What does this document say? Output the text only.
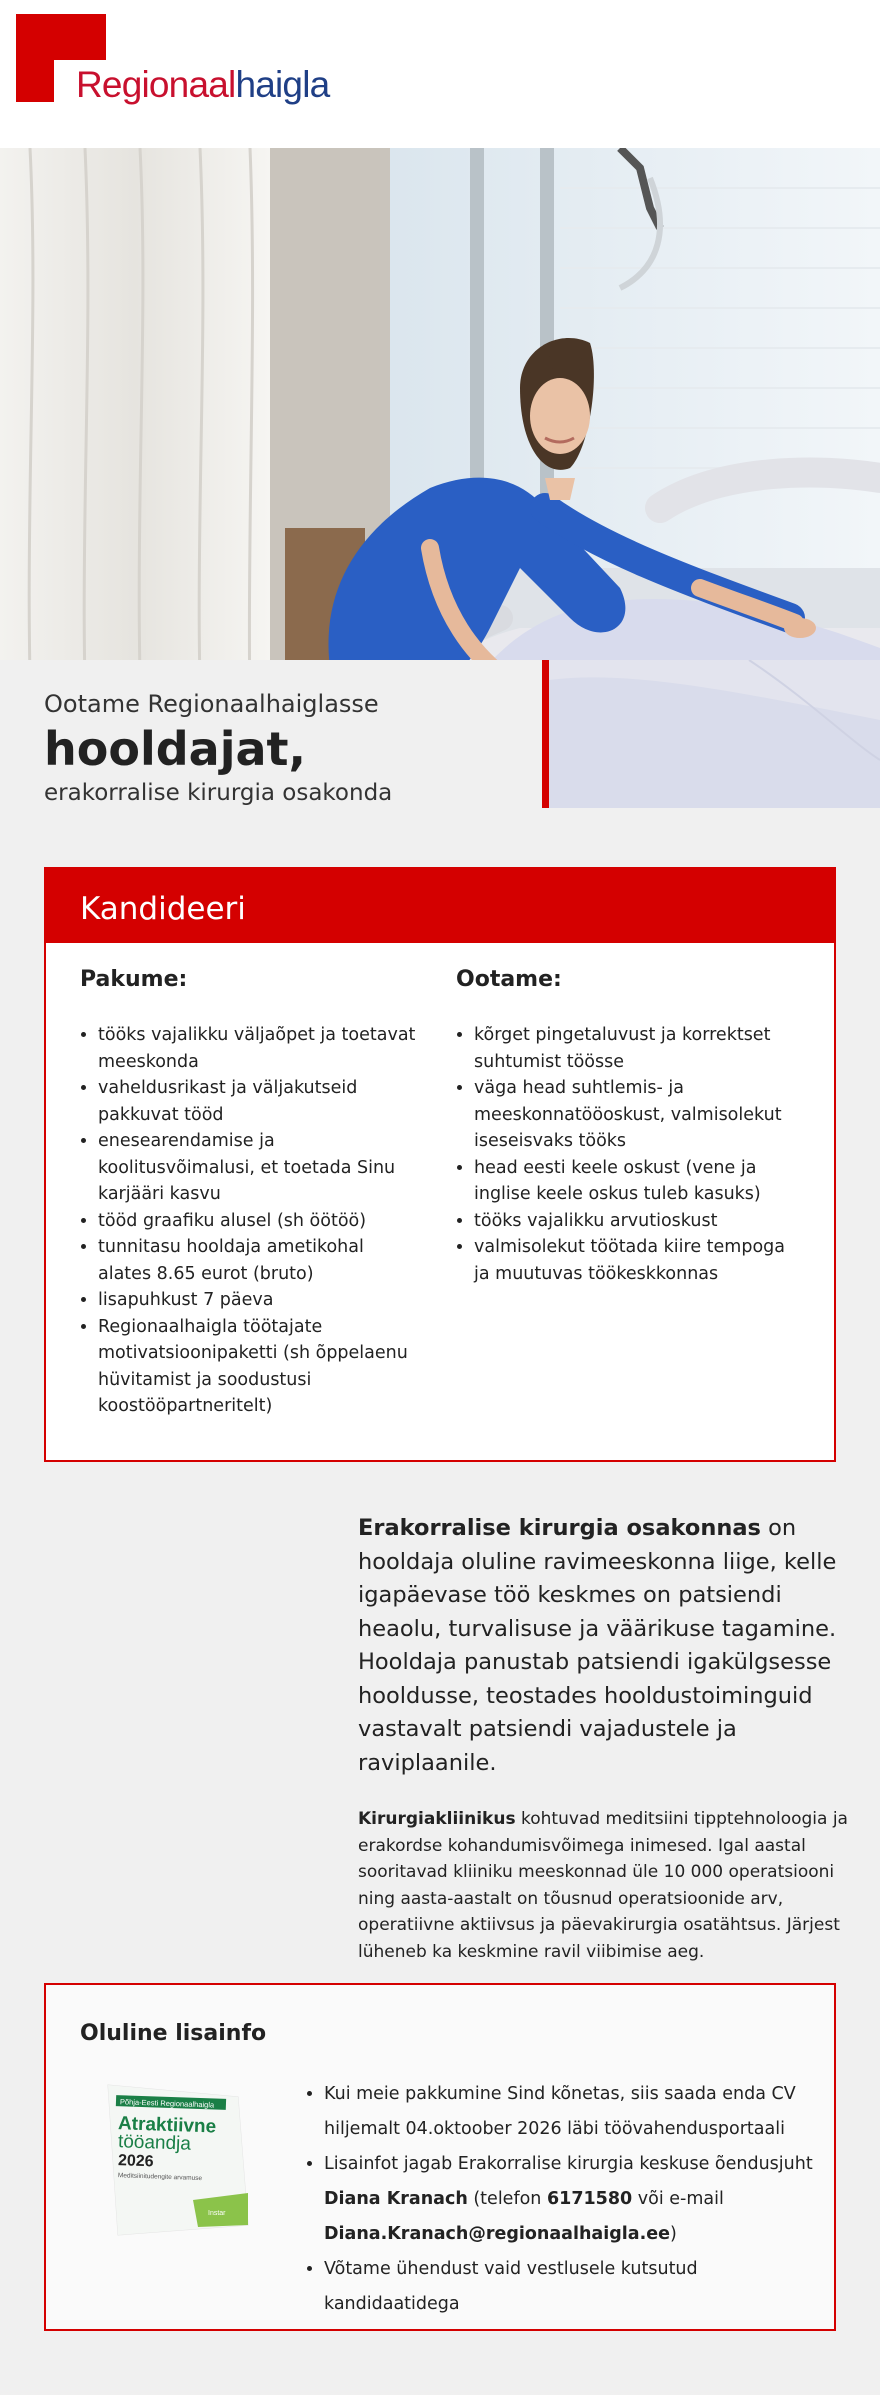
Regionaalhaigla
Ootame Regionaalhaiglasse
hooldajat,
erakorralise kirurgia osakonda
Kandideeri
Pakume:
• tööks vajalikku väljaõpet ja toetavat meeskonda
• vaheldusrikast ja väljakutseid pakkuvat tööd
• enesearendamise ja koolitusvõimalusi, et toetada Sinu karjääri kasvu
• tööd graafiku alusel (sh öötöö)
• tunnitasu hooldaja ametikohal alates 8.65 eurot (bruto)
• lisapuhkust 7 päeva
• Regionaalhaigla töötajate motivatsioonipaketti (sh õppelaenu hüvitamist ja soodustusi koostööpartneritelt)
Ootame:
• kõrget pingetaluvust ja korrektset suhtumist töösse
• väga head suhtlemis- ja meeskonnatööoskust, valmisolekut iseseisvaks tööks
• head eesti keele oskust (vene ja inglise keele oskus tuleb kasuks)
• tööks vajalikku arvutioskust
• valmisolekut töötada kiire tempoga ja muutuvas töökeskkonnas

Erakorralise kirurgia osakonnas on hooldaja oluline ravimeeskonna liige, kelle igapäevase töö keskmes on patsiendi heaolu, turvalisuse ja väärikuse tagamine. Hooldaja panustab patsiendi igakülgsesse hooldusse, teostades hooldustoiminguid vastavalt patsiendi vajadustele ja raviplaanile.

Kirurgiakliinikus kohtuvad meditsiini tipptehnoloogia ja erakordse kohandumisvõimega inimesed. Igal aastal sooritavad kliiniku meeskonnad üle 10 000 operatsiooni ning aasta-aastalt on tõusnud operatsioonide arv, operatiivne aktiivsus ja päevakirurgia osatähtsus. Järjest lüheneb ka keskmine ravil viibimise aeg.

Oluline lisainfo
Põhja-Eesti Regionaalhaigla
Atraktiivne
tööandja
2026
Meditsiinitudengite arvamuse
Instar
• Kui meie pakkumine Sind kõnetas, siis saada enda CV hiljemalt 04.oktoober 2026 läbi töövahendusportaali
• Lisainfot jagab Erakorralise kirurgia keskuse õendusjuht Diana Kranach (telefon 6171580 või e-mail Diana.Kranach@regionaalhaigla.ee)
• Võtame ühendust vaid vestlusele kutsutud kandidaatidega
